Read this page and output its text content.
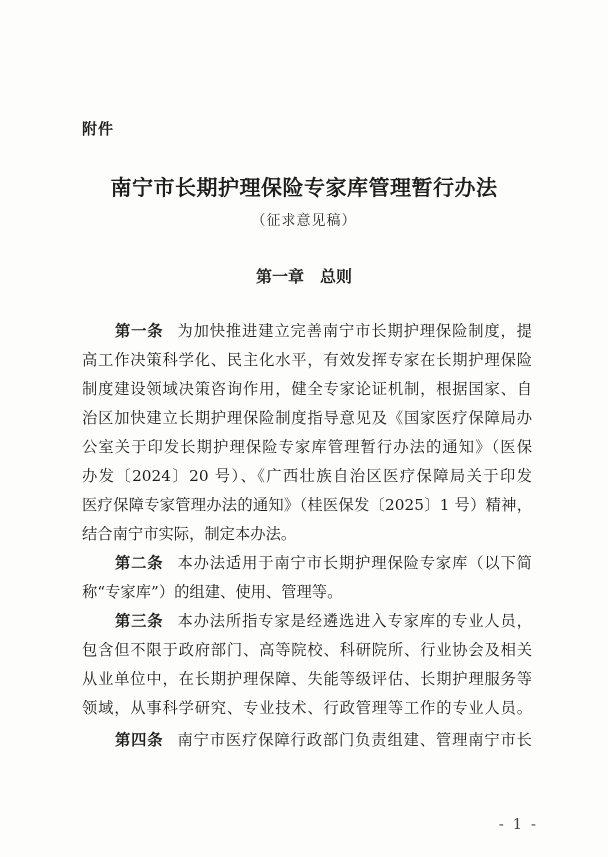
附件
南宁市长期护理保险专家库管理暂行办法
（征求意见稿）
第一章 总则
第一条 为加快推进建立完善南宁市长期护理保险制度，提
高工作决策科学化、民主化水平，有效发挥专家在长期护理保险
制度建设领域决策咨询作用，健全专家论证机制，根据国家、自
治区加快建立长期护理保险制度指导意见及《国家医疗保障局办
公室关于印发长期护理保险专家库管理暂行办法的通知》（医保
办发〔2024〕20 号）、《广西壮族自治区医疗保障局关于印发
医疗保障专家管理办法的通知》（桂医保发〔2025〕1 号）精神，
结合南宁市实际，制定本办法。
第二条 本办法适用于南宁市长期护理保险专家库（以下简
称“专家库”）的组建、使用、管理等。
第三条 本办法所指专家是经遴选进入专家库的专业人员，
包含但不限于政府部门、高等院校、科研院所、行业协会及相关
从业单位中，在长期护理保障、失能等级评估、长期护理服务等
领域，从事科学研究、专业技术、行政管理等工作的专业人员。
第四条 南宁市医疗保障行政部门负责组建、管理南宁市长
- 1 -
